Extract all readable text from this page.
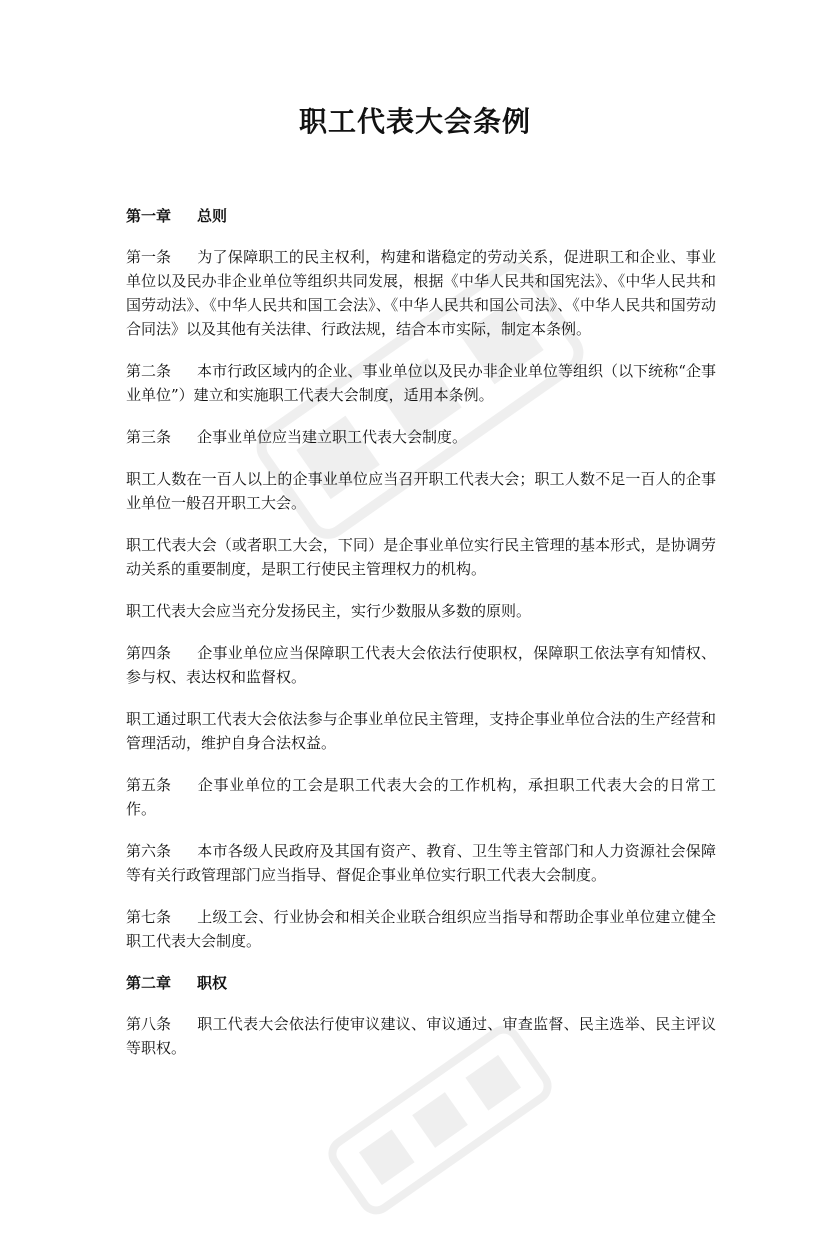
职工代表大会条例
第一章 总则

第一条 为了保障职工的民主权利，构建和谐稳定的劳动关系，促进职工和企业、事业单位以及民办非企业单位等组织共同发展，根据《中华人民共和国宪法》、《中华人民共和国劳动法》、《中华人民共和国工会法》、《中华人民共和国公司法》、《中华人民共和国劳动合同法》以及其他有关法律、行政法规，结合本市实际，制定本条例。

第二条 本市行政区域内的企业、事业单位以及民办非企业单位等组织（以下统称“企事业单位”）建立和实施职工代表大会制度，适用本条例。

第三条 企事业单位应当建立职工代表大会制度。

职工人数在一百人以上的企事业单位应当召开职工代表大会；职工人数不足一百人的企事业单位一般召开职工大会。

职工代表大会（或者职工大会，下同）是企事业单位实行民主管理的基本形式，是协调劳动关系的重要制度，是职工行使民主管理权力的机构。

职工代表大会应当充分发扬民主，实行少数服从多数的原则。

第四条 企事业单位应当保障职工代表大会依法行使职权，保障职工依法享有知情权、参与权、表达权和监督权。

职工通过职工代表大会依法参与企事业单位民主管理，支持企事业单位合法的生产经营和管理活动，维护自身合法权益。

第五条 企事业单位的工会是职工代表大会的工作机构，承担职工代表大会的日常工作。

第六条 本市各级人民政府及其国有资产、教育、卫生等主管部门和人力资源社会保障等有关行政管理部门应当指导、督促企事业单位实行职工代表大会制度。

第七条 上级工会、行业协会和相关企业联合组织应当指导和帮助企事业单位建立健全职工代表大会制度。

第二章 职权

第八条 职工代表大会依法行使审议建议、审议通过、审查监督、民主选举、民主评议等职权。
